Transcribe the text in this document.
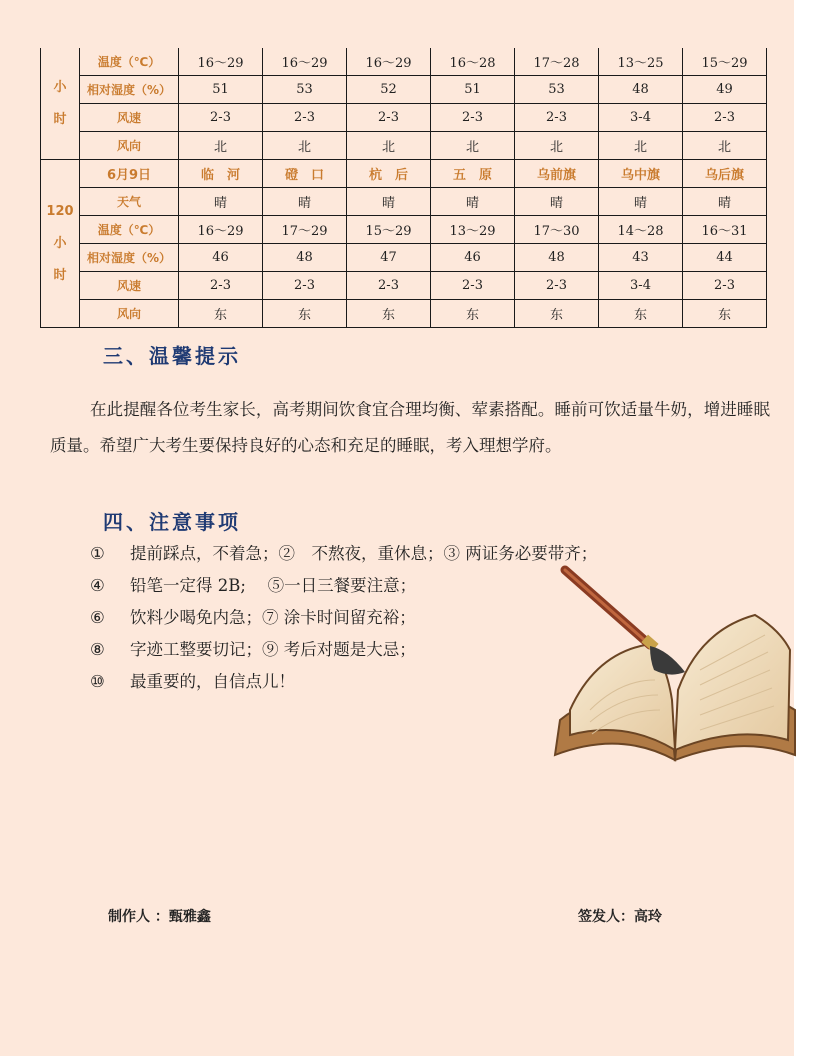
小
时	温度（℃）	16～29	16～29	16～29	16～28	17～28	13～25	15～29
	相对湿度（%）	51	53	52	51	53	48	49
	风速	2-3	2-3	2-3	2-3	2-3	3-4	2-3
	风向	北	北	北	北	北	北	北

120
小
时	6月9日	临　河	磴　口	杭　后	五　原	乌前旗	乌中旗	乌后旗
	天气	晴	晴	晴	晴	晴	晴	晴
	温度（℃）	16～29	17～29	15～29	13～29	17～30	14～28	16～31
	相对湿度（%）	46	48	47	46	48	43	44
	风速	2-3	2-3	2-3	2-3	2-3	3-4	2-3
	风向	东	东	东	东	东	东	东
三、温馨提示
在此提醒各位考生家长，高考期间饮食宜合理均衡、荤素搭配。睡前可饮适量牛奶，增进睡眠质量。希望广大考生要保持良好的心态和充足的睡眠，考入理想学府。
四、注意事项
① 提前踩点，不着急；②　不熬夜，重休息；③ 两证务必要带齐；
④ 铅笔一定得 2B;　 ⑤一日三餐要注意；
⑥ 饮料少喝免内急；⑦ 涂卡时间留充裕；
⑧ 字迹工整要切记；⑨ 考后对题是大忌；
⑩ 最重要的，自信点儿！
制作人 ：甄雅鑫	签发人：高玲
